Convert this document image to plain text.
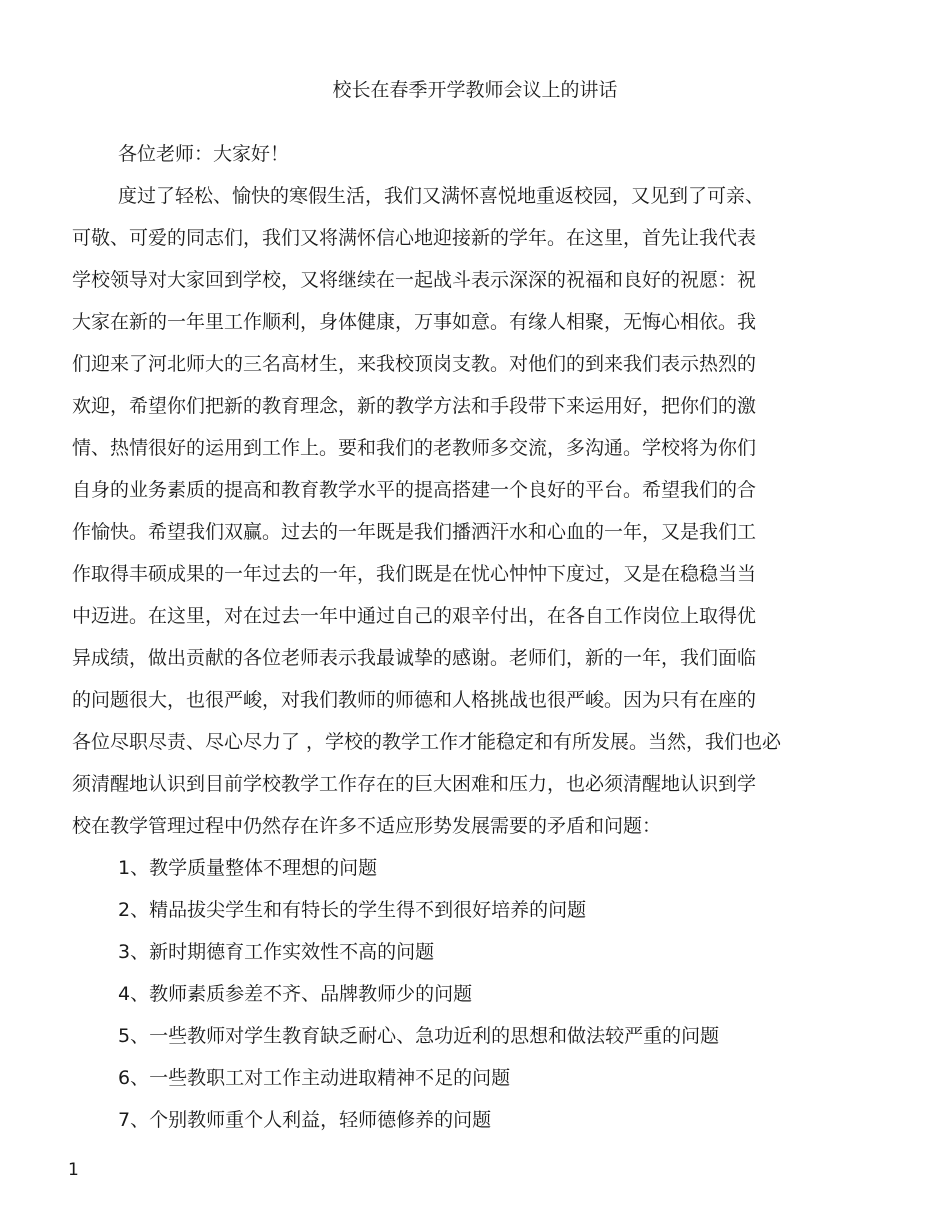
校长在春季开学教师会议上的讲话

各位老师：大家好！

度过了轻松、愉快的寒假生活，我们又满怀喜悦地重返校园，又见到了可亲、

可敬、可爱的同志们，我们又将满怀信心地迎接新的学年。在这里，首先让我代表

学校领导对大家回到学校，又将继续在一起战斗表示深深的祝福和良好的祝愿：祝

大家在新的一年里工作顺利，身体健康，万事如意。有缘人相聚，无悔心相依。我

们迎来了河北师大的三名高材生，来我校顶岗支教。对他们的到来我们表示热烈的

欢迎，希望你们把新的教育理念，新的教学方法和手段带下来运用好，把你们的激

情、热情很好的运用到工作上。要和我们的老教师多交流，多沟通。学校将为你们

自身的业务素质的提高和教育教学水平的提高搭建一个良好的平台。希望我们的合

作愉快。希望我们双赢。过去的一年既是我们播洒汗水和心血的一年，又是我们工

作取得丰硕成果的一年过去的一年，我们既是在忧心忡忡下度过，又是在稳稳当当

中迈进。在这里，对在过去一年中通过自己的艰辛付出，在各自工作岗位上取得优

异成绩，做出贡献的各位老师表示我最诚挚的感谢。老师们，新的一年，我们面临

的问题很大，也很严峻，对我们教师的师德和人格挑战也很严峻。因为只有在座的

各位尽职尽责、尽心尽力了 ，学校的教学工作才能稳定和有所发展。当然，我们也必

须清醒地认识到目前学校教学工作存在的巨大困难和压力，也必须清醒地认识到学

校在教学管理过程中仍然存在许多不适应形势发展需要的矛盾和问题：

1、教学质量整体不理想的问题
2、精品拔尖学生和有特长的学生得不到很好培养的问题
3、新时期德育工作实效性不高的问题
4、教师素质参差不齐、品牌教师少的问题
5、一些教师对学生教育缺乏耐心、急功近利的思想和做法较严重的问题
6、一些教职工对工作主动进取精神不足的问题
7、个别教师重个人利益，轻师德修养的问题
1
